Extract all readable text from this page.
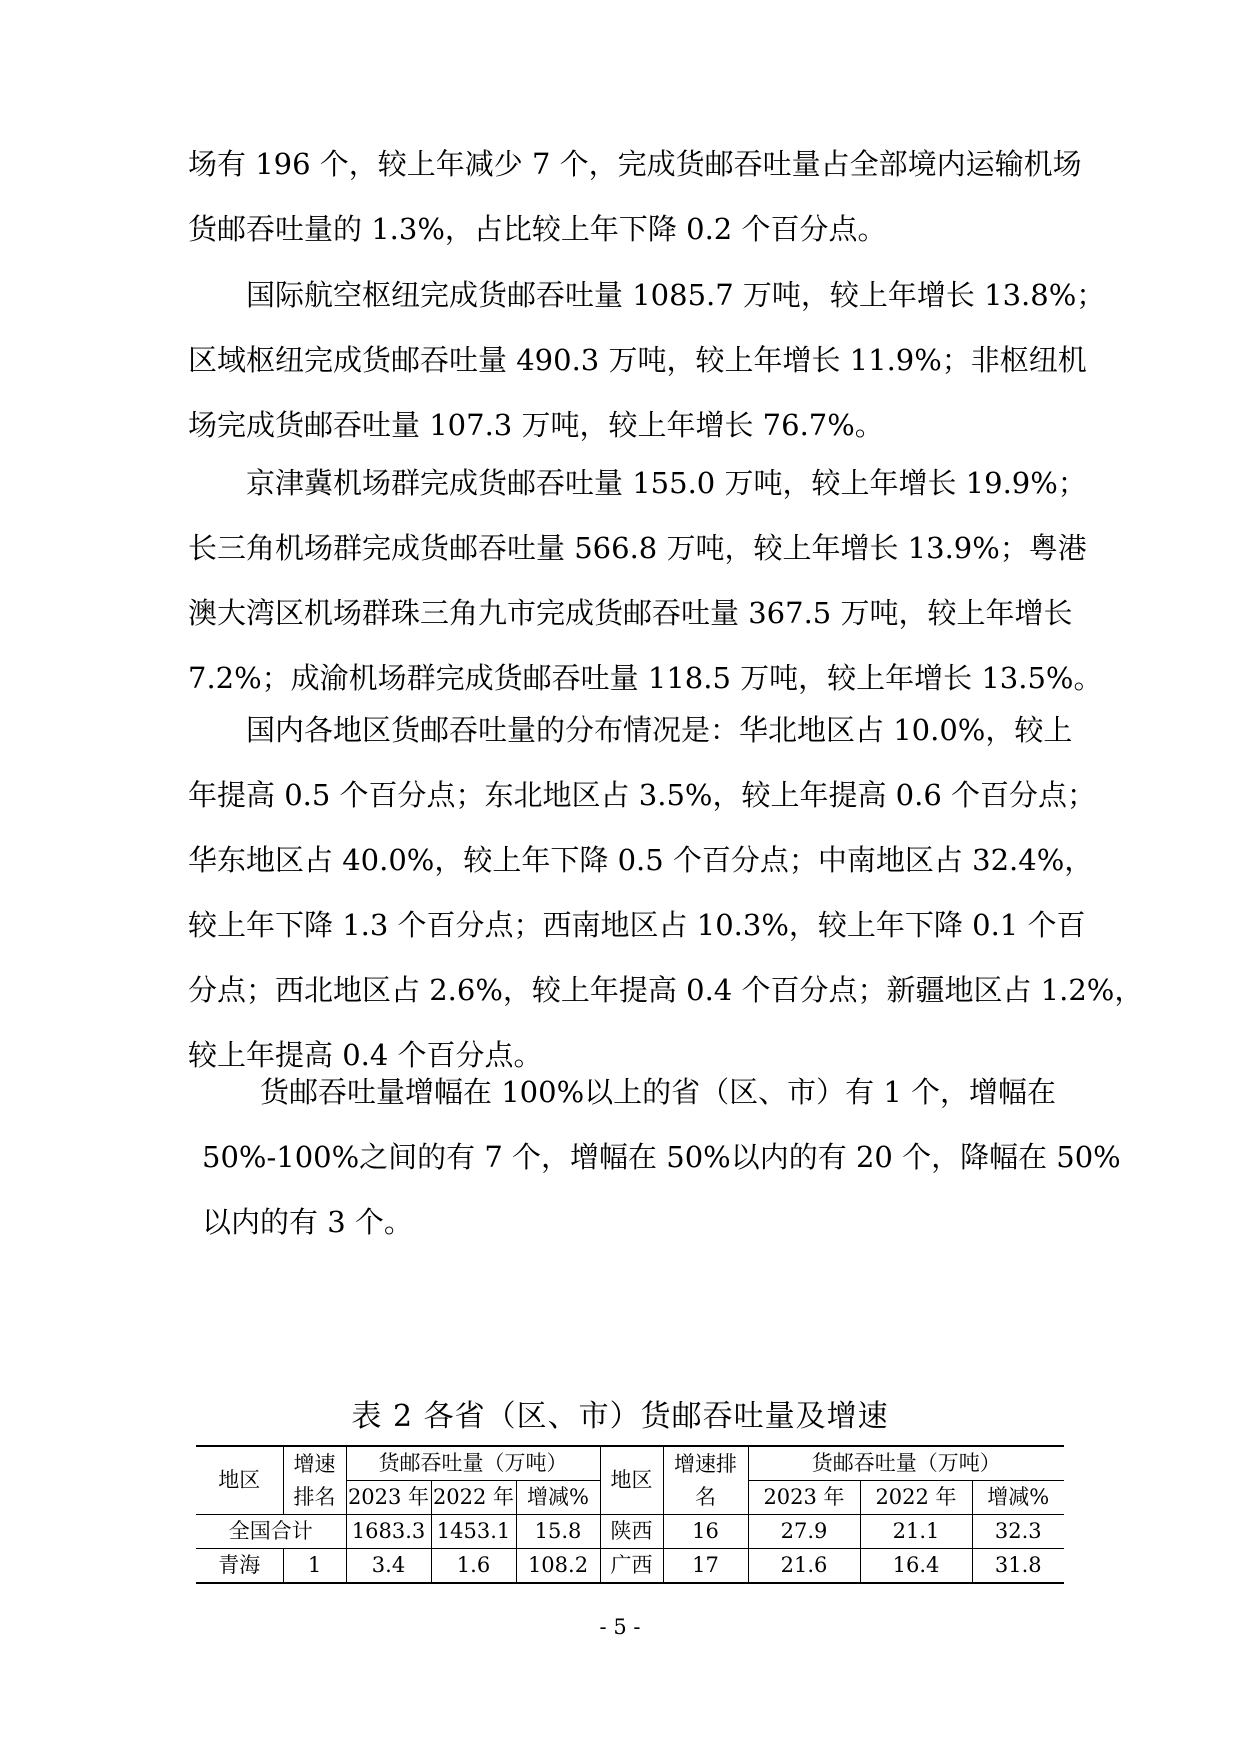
场有 196 个，较上年减少 7 个，完成货邮吞吐量占全部境内运输机场
货邮吞吐量的 1.3%，占比较上年下降 0.2 个百分点。
国际航空枢纽完成货邮吞吐量 1085.7 万吨，较上年增长 13.8%；
区域枢纽完成货邮吞吐量 490.3 万吨，较上年增长 11.9%；非枢纽机
场完成货邮吞吐量 107.3 万吨，较上年增长 76.7%。
京津冀机场群完成货邮吞吐量 155.0 万吨，较上年增长 19.9%；
长三角机场群完成货邮吞吐量 566.8 万吨，较上年增长 13.9%；粤港
澳大湾区机场群珠三角九市完成货邮吞吐量 367.5 万吨，较上年增长
7.2%；成渝机场群完成货邮吞吐量 118.5 万吨，较上年增长 13.5%。
国内各地区货邮吞吐量的分布情况是：华北地区占 10.0%，较上
年提高 0.5 个百分点；东北地区占 3.5%，较上年提高 0.6 个百分点；
华东地区占 40.0%，较上年下降 0.5 个百分点；中南地区占 32.4%，
较上年下降 1.3 个百分点；西南地区占 10.3%，较上年下降 0.1 个百
分点；西北地区占 2.6%，较上年提高 0.4 个百分点；新疆地区占 1.2%，
较上年提高 0.4 个百分点。
货邮吞吐量增幅在 100%以上的省（区、市）有 1 个，增幅在
50%-100%之间的有 7 个，增幅在 50%以内的有 20 个，降幅在 50%
以内的有 3 个。
表 2 各省（区、市）货邮吞吐量及增速
地区	增速排名	货邮吞吐量（万吨）			地区	增速排名	货邮吞吐量（万吨）		
		2023 年	2022 年	增减%			2023 年	2022 年	增减%
全国合计		1683.3	1453.1	15.8	陕西	16	27.9	21.1	32.3
青海	1	3.4	1.6	108.2	广西	17	21.6	16.4	31.8
- 5 -
